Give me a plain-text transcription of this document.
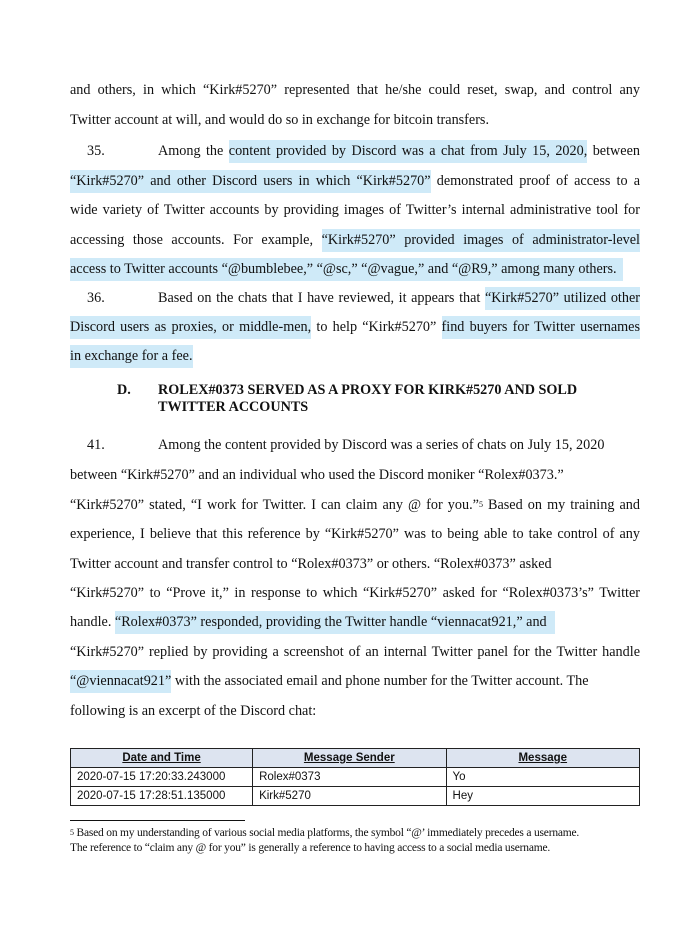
and others, in which “Kirk#5270” represented that he/she could reset, swap, and control any
Twitter account at will, and would do so in exchange for bitcoin transfers.
35.	Among the content provided by Discord was a chat from July 15, 2020, between
“Kirk#5270” and other Discord users in which “Kirk#5270” demonstrated proof of access to a
wide variety of Twitter accounts by providing images of Twitter’s internal administrative tool for
accessing those accounts. For example, “Kirk#5270” provided images of administrator-level
access to Twitter accounts “@bumblebee,” “@sc,” “@vague,” and “@R9,” among many others.
36.	Based on the chats that I have reviewed, it appears that “Kirk#5270” utilized other
Discord users as proxies, or middle-men, to help “Kirk#5270” find buyers for Twitter usernames
in exchange for a fee.
D. ROLEX#0373 SERVED AS A PROXY FOR KIRK#5270 AND SOLD
TWITTER ACCOUNTS
41.	Among the content provided by Discord was a series of chats on July 15, 2020
between “Kirk#5270” and an individual who used the Discord moniker “Rolex#0373.”
“Kirk#5270” stated, “I work for Twitter. I can claim any @ for you.”$^5$ Based on my training and
experience, I believe that this reference by “Kirk#5270” was to being able to take control of any
Twitter account and transfer control to “Rolex#0373” or others. “Rolex#0373” asked
“Kirk#5270” to “Prove it,” in response to which “Kirk#5270” asked for “Rolex#0373’s” Twitter
handle. “Rolex#0373” responded, providing the Twitter handle “viennacat921,” and
“Kirk#5270” replied by providing a screenshot of an internal Twitter panel for the Twitter handle
“@viennacat921” with the associated email and phone number for the Twitter account. The
following is an excerpt of the Discord chat:
Date and Time	Message Sender	Message
2020-07-15 17:20:33.243000	Rolex#0373	Yo
2020-07-15 17:28:51.135000	Kirk#5270	Hey
$^5$ Based on my understanding of various social media platforms, the symbol “@’ immediately precedes a username.
The reference to “claim any @ for you” is generally a reference to having access to a social media username.
